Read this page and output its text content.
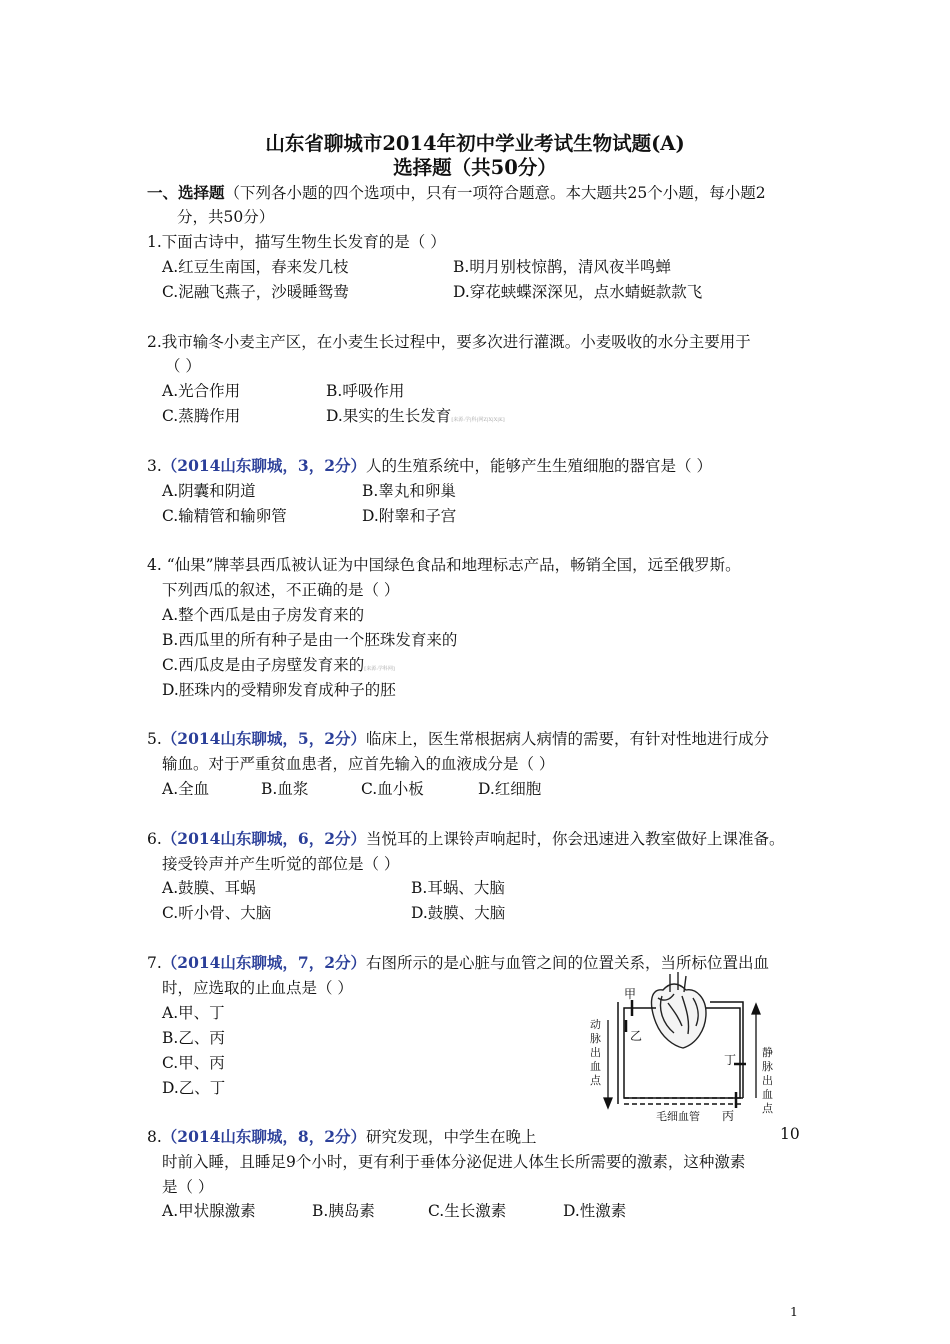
山东省聊城市2014年初中学业考试生物试题(A)
选择题（共50分）
一、选择题（下列各小题的四个选项中，只有一项符合题意。本大题共25个小题，每小题2
分，共50分）
1.下面古诗中，描写生物生长发育的是（ ）
A.红豆生南国，春来发几枝	B.明月别枝惊鹊，清风夜半鸣蝉
C.泥融飞燕子，沙暖睡鸳鸯	D.穿花蛱蝶深深见，点水蜻蜓款款飞
2.我市输冬小麦主产区，在小麦生长过程中，要多次进行灌溉。小麦吸收的水分主要用于
（ ）
A.光合作用	B.呼吸作用
C.蒸腾作用	D.果实的生长发育[来源:学|科|网Z|X|X|K]
3.（2014山东聊城，3，2分）人的生殖系统中，能够产生生殖细胞的器官是（ ）
A.阴囊和阴道	B.睾丸和卵巢
C.输精管和输卵管	D.附睾和子宫
4. “仙果”牌莘县西瓜被认证为中国绿色食品和地理标志产品，畅销全国，远至俄罗斯。
下列西瓜的叙述，不正确的是（ ）
A.整个西瓜是由子房发育来的
B.西瓜里的所有种子是由一个胚珠发育来的
C.西瓜皮是由子房壁发育来的[来源:学科网]
D.胚珠内的受精卵发育成种子的胚
5.（2014山东聊城，5，2分）临床上，医生常根据病人病情的需要，有针对性地进行成分
输血。对于严重贫血患者，应首先输入的血液成分是（ ）
A.全血	B.血浆	C.血小板	D.红细胞
6.（2014山东聊城，6，2分）当悦耳的上课铃声响起时，你会迅速进入教室做好上课准备。
接受铃声并产生听觉的部位是（ ）
A.鼓膜、耳蜗	B.耳蜗、大脑
C.听小骨、大脑	D.鼓膜、大脑
7.（2014山东聊城，7，2分）右图所示的是心脏与血管之间的位置关系，当所标位置出血
时，应选取的止血点是（ ）
A.甲、丁
B.乙、丙
C.甲、丙
D.乙、丁
甲
乙
丁
丙
毛细血管
动
脉
出
血
点
静
脉
出
血
点
8.（2014山东聊城，8，2分）研究发现，中学生在晚上	10
时前入睡，且睡足9个小时，更有利于垂体分泌促进人体生长所需要的激素，这种激素
是（ ）
A.甲状腺激素	B.胰岛素	C.生长激素	D.性激素
1
